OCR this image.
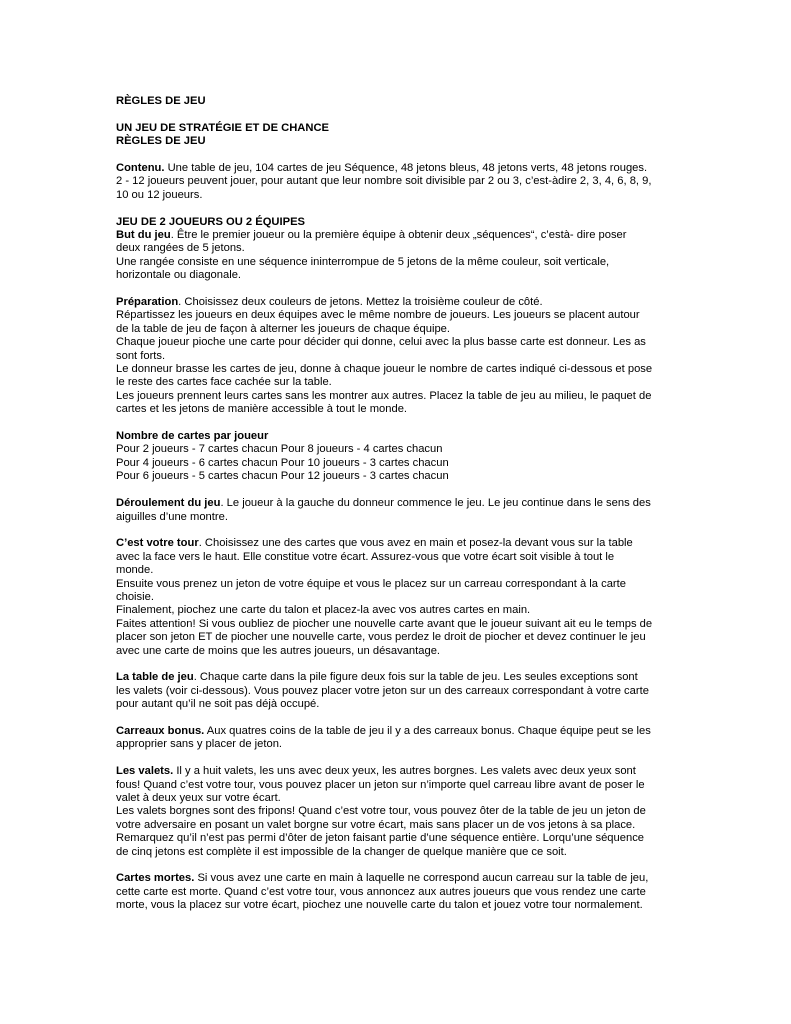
RÈGLES DE JEU
UN JEU DE STRATÉGIE ET DE CHANCE
RÈGLES DE JEU
Contenu. Une table de jeu, 104 cartes de jeu Séquence, 48 jetons bleus, 48 jetons verts, 48 jetons rouges.
2 - 12 joueurs peuvent jouer, pour autant que leur nombre soit divisible par 2 ou 3, c’est-àdire 2, 3, 4, 6, 8, 9,
10 ou 12 joueurs.
JEU DE 2 JOUEURS OU 2 ÉQUIPES
But du jeu. Être le premier joueur ou la première équipe à obtenir deux „séquences“, c’està- dire poser
deux rangées de 5 jetons.
Une rangée consiste en une séquence ininterrompue de 5 jetons de la même couleur, soit verticale,
horizontale ou diagonale.
Préparation. Choisissez deux couleurs de jetons. Mettez la troisième couleur de côté.
Répartissez les joueurs en deux équipes avec le même nombre de joueurs. Les joueurs se placent autour
de la table de jeu de façon à alterner les joueurs de chaque équipe.
Chaque joueur pioche une carte pour décider qui donne, celui avec la plus basse carte est donneur. Les as
sont forts.
Le donneur brasse les cartes de jeu, donne à chaque joueur le nombre de cartes indiqué ci-dessous et pose
le reste des cartes face cachée sur la table.
Les joueurs prennent leurs cartes sans les montrer aux autres. Placez la table de jeu au milieu, le paquet de
cartes et les jetons de manière accessible à tout le monde.
Nombre de cartes par joueur
Pour 2 joueurs - 7 cartes chacun Pour 8 joueurs - 4 cartes chacun
Pour 4 joueurs - 6 cartes chacun Pour 10 joueurs - 3 cartes chacun
Pour 6 joueurs - 5 cartes chacun Pour 12 joueurs - 3 cartes chacun
Déroulement du jeu. Le joueur à la gauche du donneur commence le jeu. Le jeu continue dans le sens des
aiguilles d’une montre.
C’est votre tour. Choisissez une des cartes que vous avez en main et posez-la devant vous sur la table
avec la face vers le haut. Elle constitue votre écart. Assurez-vous que votre écart soit visible à tout le
monde.
Ensuite vous prenez un jeton de votre équipe et vous le placez sur un carreau correspondant à la carte
choisie.
Finalement, piochez une carte du talon et placez-la avec vos autres cartes en main.
Faites attention! Si vous oubliez de piocher une nouvelle carte avant que le joueur suivant ait eu le temps de
placer son jeton ET de piocher une nouvelle carte, vous perdez le droit de piocher et devez continuer le jeu
avec une carte de moins que les autres joueurs, un désavantage.
La table de jeu. Chaque carte dans la pile figure deux fois sur la table de jeu. Les seules exceptions sont
les valets (voir ci-dessous). Vous pouvez placer votre jeton sur un des carreaux correspondant à votre carte
pour autant qu’il ne soit pas déjà occupé.
Carreaux bonus. Aux quatres coins de la table de jeu il y a des carreaux bonus. Chaque équipe peut se les
approprier sans y placer de jeton.
Les valets. Il y a huit valets, les uns avec deux yeux, les autres borgnes. Les valets avec deux yeux sont
fous! Quand c’est votre tour, vous pouvez placer un jeton sur n’importe quel carreau libre avant de poser le
valet à deux yeux sur votre écart.
Les valets borgnes sont des fripons! Quand c’est votre tour, vous pouvez ôter de la table de jeu un jeton de
votre adversaire en posant un valet borgne sur votre écart, mais sans placer un de vos jetons à sa place.
Remarquez qu’il n’est pas permi d’ôter de jeton faisant partie d’une séquence entière. Lorqu’une séquence
de cinq jetons est complète il est impossible de la changer de quelque manière que ce soit.
Cartes mortes. Si vous avez une carte en main à laquelle ne correspond aucun carreau sur la table de jeu,
cette carte est morte. Quand c’est votre tour, vous annoncez aux autres joueurs que vous rendez une carte
morte, vous la placez sur votre écart, piochez une nouvelle carte du talon et jouez votre tour normalement.
